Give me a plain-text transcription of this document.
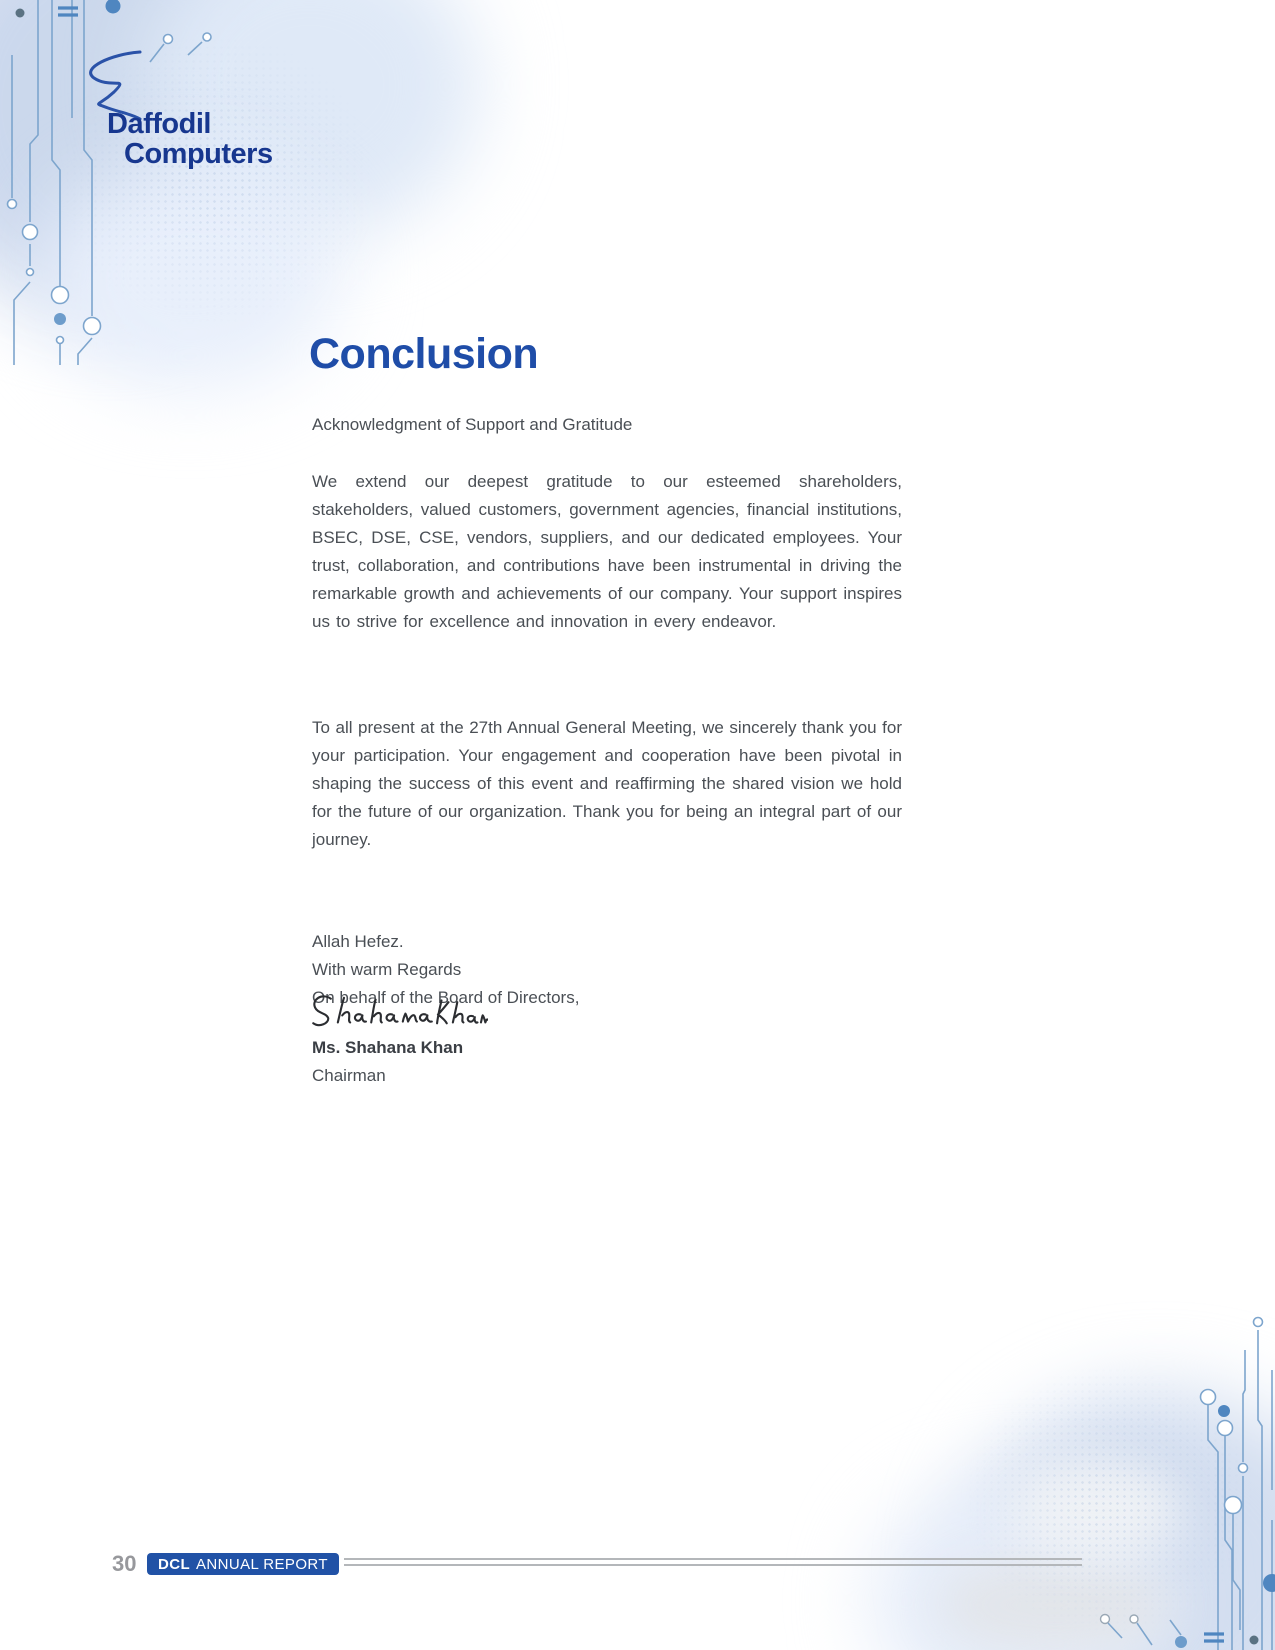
Daffodil
Computers
Conclusion
Acknowledgment of Support and Gratitude
We extend our deepest gratitude to our esteemed shareholders, stakeholders, valued customers, government agencies, financial institutions, BSEC, DSE, CSE, vendors, suppliers, and our dedicated employees. Your trust, collaboration, and contributions have been instrumental in driving the remarkable growth and achievements of our company. Your support inspires us to strive for excellence and innovation in every endeavor.
To all present at the 27th Annual General Meeting, we sincerely thank you for your participation. Your engagement and cooperation have been pivotal in shaping the success of this event and reaffirming the shared vision we hold for the future of our organization. Thank you for being an integral part of our journey.
Allah Hefez.
With warm Regards
On behalf of the Board of Directors,
Ms. Shahana Khan
Chairman
30 DCL ANNUAL REPORT
